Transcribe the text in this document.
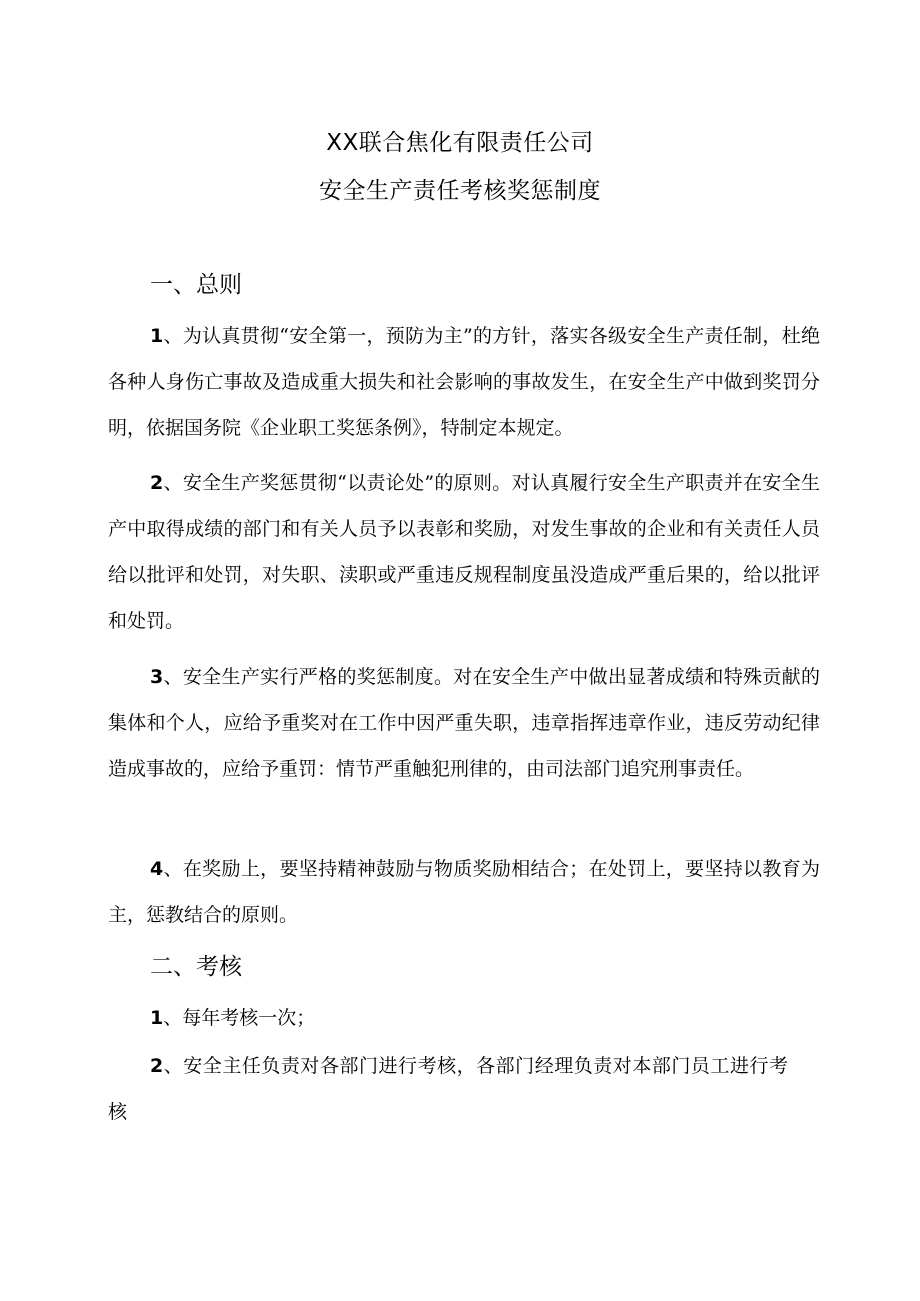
XX联合焦化有限责任公司
安全生产责任考核奖惩制度
一、总则

1、为认真贯彻“安全第一，预防为主”的方针，落实各级安全生产责任制，杜绝各种人身伤亡事故及造成重大损失和社会影响的事故发生，在安全生产中做到奖罚分明，依据国务院《企业职工奖惩条例》，特制定本规定。

2、安全生产奖惩贯彻“以责论处”的原则。对认真履行安全生产职责并在安全生产中取得成绩的部门和有关人员予以表彰和奖励，对发生事故的企业和有关责任人员给以批评和处罚，对失职、渎职或严重违反规程制度虽没造成严重后果的，给以批评和处罚。

3、安全生产实行严格的奖惩制度。对在安全生产中做出显著成绩和特殊贡献的集体和个人，应给予重奖对在工作中因严重失职，违章指挥违章作业，违反劳动纪律造成事故的，应给予重罚：情节严重触犯刑律的，由司法部门追究刑事责任。

4、在奖励上，要坚持精神鼓励与物质奖励相结合；在处罚上，要坚持以教育为主，惩教结合的原则。

二、考核

1、每年考核一次；

2、安全主任负责对各部门进行考核，各部门经理负责对本部门员工进行考核
